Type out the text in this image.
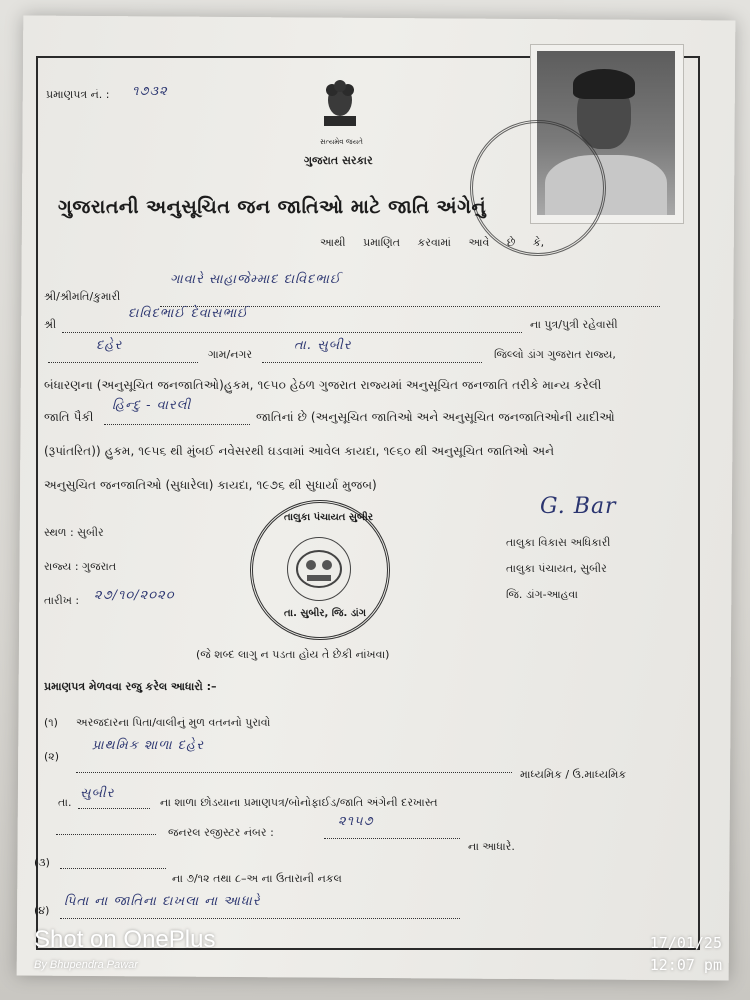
પ્રમાણપત્ર નં. : ૧૭૩૨
સત્યમેવ જયતે
ગુજરાત સરકાર
ગુજરાતની અનુસૂચિત જન જાતિઓ માટે જાતિ અંગેનું
આથી પ્રમાણિત કરવામાં આવે છે કે,
શ્રી/શ્રીમતિ/કુમારી
ગાવારે સાહાજેમ્માદ દાવિદભાઈ
શ્રી
દાવિદભાઈ દેવાસભાઈ
ના પુત્ર/પુત્રી રહેવાસી
દહેર
ગામ/નગર
તા. સુબીર
જિલ્લો ડાંગ ગુજરાત રાજ્ય,
બંધારણના (અનુસૂચિત જનજાતિઓ)હુકમ, ૧૯૫૦ હેઠળ ગુજરાત રાજ્યમાં અનુસૂચિત જનજાતિ તરીકે માન્ય કરેલી
જાતિ પૈકી
હિન્દુ - વારલી
જાતિનાં છે (અનુસૂચિત જાતિઓ અને અનુસૂચિત જનજાતિઓની યાદીઓ
(રૂપાંતરિત)) હુકમ, ૧૯૫૬ થી મુંબઈ નવેસરથી ઘડવામાં આવેલ કાયદા, ૧૯૬૦ થી અનુસૂચિત જાતિઓ અને
અનુસુચિત જનજાતિઓ (સુધારેલા) કાયદા, ૧૯૭૬ થી સુધાર્યા મુજબ)
સ્થળ : સુબીર
રાજ્ય : ગુજરાત
તારીખ : ૨૭/૧૦/૨૦૨૦
તાલુકા પંચાયત સુબીર
તા. સુબીર, જિ. ડાંગ
G. Bar
તાલુકા વિકાસ અધિકારી
તાલુકા પંચાયત, સુબીર
જિ. ડાંગ-આહવા
(જે શબ્દ લાગુ ન પડતા હોય તે છેકી નાંખવા)
પ્રમાણપત્ર મેળવવા રજુ કરેલ આધારો :–
(૧) અરજદારના પિતા/વાલીનું મુળ વતનનો પુરાવો
(૨)
પ્રાથમિક શાળા દહેર
માધ્યમિક / ઉ.માધ્યમિક
તા.
સુબીર
ના શાળા છોડયાના પ્રમાણપત્ર/બોનોફાઈડ/જાતિ અંગેની દરખાસ્ત
જનરલ રજીસ્ટર નંબર :
૨૧૫૭
ના આધારે.
(૩)
ના ૭/૧૨ તથા ૮–અ ના ઉતારાની નકલ
(૪)
પિતા ના જાતિના દાખલા ના આધારે
Shot on OnePlus
By Bhupendra Pawar
17/01/25
12:07 pm
